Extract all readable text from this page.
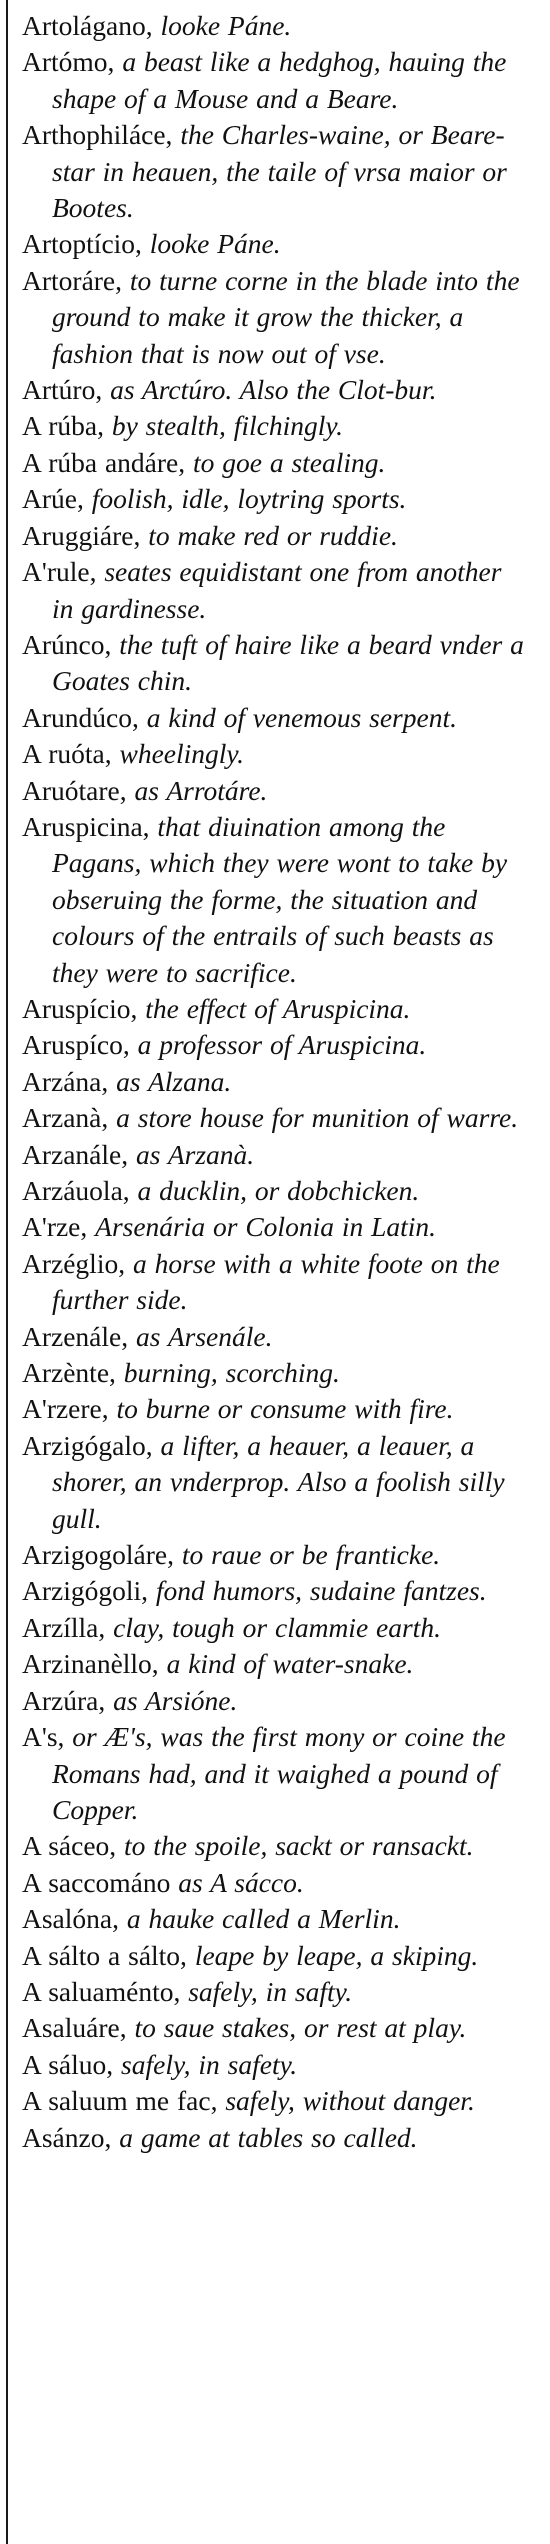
Artolágano, looke Páne.
Artómo, a beast like a hedghog, hauing the shape of a Mouse and a Beare.
Arthophiláce, the Charles-waine, or Beare-star in heauen, the taile of vrsa maior or Bootes.
Artoptício, looke Páne.
Artoráre, to turne corne in the blade into the ground to make it grow the thicker, a fashion that is now out of vse.
Artúro, as Arctúro. Also the Clot-bur.
A rúba, by stealth, filchingly.
A rúba andáre, to goe a stealing.
Arúe, foolish, idle, loytring sports.
Aruggiáre, to make red or ruddie.
A'rule, seates equidistant one from another in gardinesse.
Arúnco, the tuft of haire like a beard vnder a Goates chin.
Arundúco, a kind of venemous serpent.
A ruóta, wheelingly.
Aruótare, as Arrotáre.
Aruspicina, that diuination among the Pagans, which they were wont to take by obseruing the forme, the situation and colours of the entrails of such beasts as they were to sacrifice.
Aruspício, the effect of Aruspicina.
Aruspíco, a professor of Aruspicina.
Arzána, as Alzana.
Arzanà, a store house for munition of warre.
Arzanále, as Arzanà.
Arzáuola, a ducklin, or dobchicken.
A'rze, Arsenária or Colonia in Latin.
Arzéglio, a horse with a white foote on the further side.
Arzenále, as Arsenále.
Arzènte, burning, scorching.
A'rzere, to burne or consume with fire.
Arzigógalo, a lifter, a heauer, a leauer, a shorer, an vnderprop. Also a foolish silly gull.
Arzigogoláre, to raue or be franticke.
Arzigógoli, fond humors, sudaine fantzes.
Arzílla, clay, tough or clammie earth.
Arzinanèllo, a kind of water-snake.
Arzúra, as Arsióne.
A's, or Æ's, was the first mony or coine the Romans had, and it waighed a pound of Copper.
A sáceo, to the spoile, sackt or ransackt.
A saccománo as A sácco.
Asalóna, a hauke called a Merlin.
A sálto a sálto, leape by leape, a skiping.
A saluaménto, safely, in safty.
Asaluáre, to saue stakes, or rest at play.
A sáluo, safely, in safety.
A saluum me fac, safely, without danger.
Asánzo, a game at tables so called.
